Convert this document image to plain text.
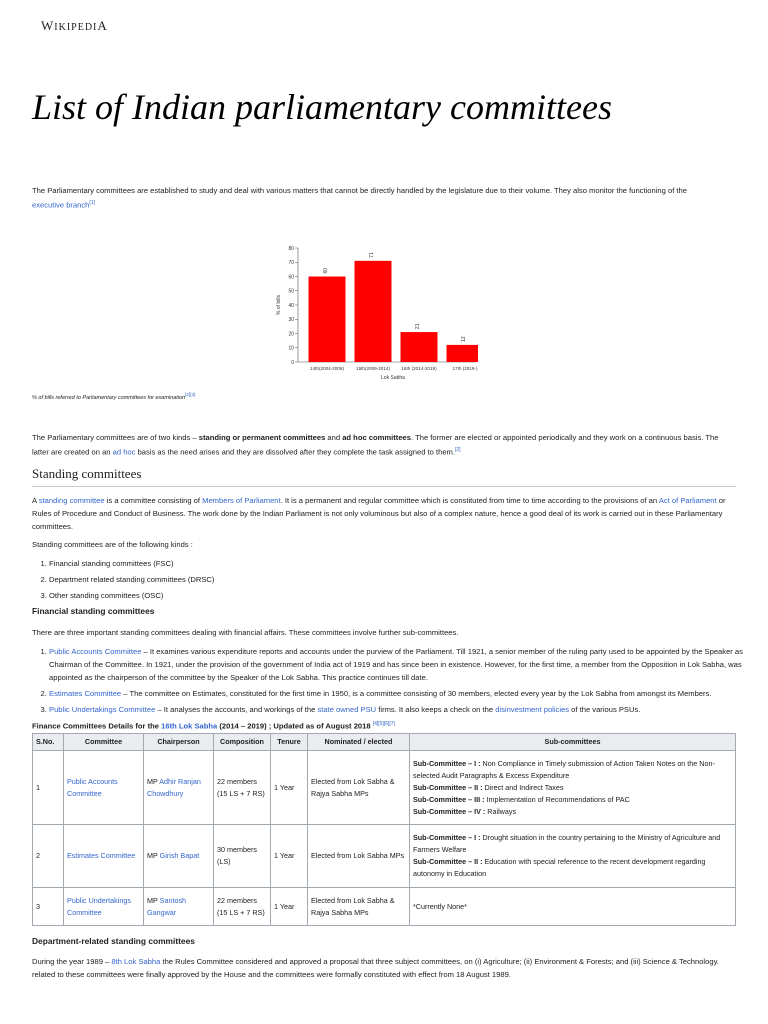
WIKIPEDIA
List of Indian parliamentary committees
The Parliamentary committees are established to study and deal with various matters that cannot be directly handled by the legislature due to their volume. They also monitor the functioning of the
executive branch[1]
0
10
20
30
40
50
60
70
80
60
14th(2004-2009)
71
15th(2009-2014)
21
16th (2014-2019)
12
17th (2019-)
Lok Sabha
% of bills
% of bills referred to Parliamentary committees for examination[2][3]
The Parliamentary committees are of two kinds – standing or permanent committees and ad hoc committees. The former are elected or appointed periodically and they work on a continuous basis. The latter are created on an ad hoc basis as the need arises and they are dissolved after they complete the task assigned to them.[2]
Standing committees
A standing committee is a committee consisting of Members of Parliament. It is a permanent and regular committee which is constituted from time to time according to the provisions of an Act of Parliament or Rules of Procedure and Conduct of Business. The work done by the Indian Parliament is not only voluminous but also of a complex nature, hence a good deal of its work is carried out in these Parliamentary committees.
Standing committees are of the following kinds :
1. Financial standing committees (FSC)
2. Department related standing committees (DRSC)
3. Other standing committees (OSC)
Financial standing committees
There are three important standing committees dealing with financial affairs. These committees involve further sub-committees.
1. Public Accounts Committee – It examines various expenditure reports and accounts under the purview of the Parliament. Till 1921, a senior member of the ruling party used to be appointed by the Speaker as Chairman of the Committee. In 1921, under the provision of the government of India act of 1919 and has since been in existence. However, for the first time, a member from the Opposition in Lok Sabha, was appointed as the chairperson of the committee by the Speaker of the Lok Sabha. This practice continues till date.
2. Estimates Committee – The committee on Estimates, constituted for the first time in 1950, is a committee consisting of 30 members, elected every year by the Lok Sabha from amongst its Members.
3. Public Undertakings Committee – It analyses the accounts, and workings of the state owned PSU firms. It also keeps a check on the disinvestment policies of the various PSUs.
Finance Committees Details for the 16th Lok Sabha (2014 – 2019) ; Updated as of August 2018 [4][5][6][7]
S.No.	Committee	Chairperson	Composition	Tenure	Nominated / elected	Sub-committees
1	Public Accounts Committee	MP Adhir Ranjan Chowdhury	22 members (15 LS + 7 RS)	1 Year	Elected from Lok Sabha & Rajya Sabha MPs	Sub-Committee – I : Non Compliance in Timely submission of Action Taken Notes on the Non-selected Audit Paragraphs & Excess Expenditure
Sub-Committee – II : Direct and Indirect Taxes
Sub-Committee – III : Implementation of Recommendations of PAC
Sub-Committee – IV : Railways

2	Estimates Committee	MP Girish Bapat	30 members (LS)	1 Year	Elected from Lok Sabha MPs	Sub-Committee – I : Drought situation in the country pertaining to the Ministry of Agriculture and Farmers Welfare
Sub-Committee – II : Education with special reference to the recent development regarding autonomy in Education

3	Public Undertakings Committee	MP Santosh Gangwar	22 members (15 LS + 7 RS)	1 Year	Elected from Lok Sabha & Rajya Sabha MPs	*Currently None*
Department-related standing committees
During the year 1989 – 8th Lok Sabha the Rules Committee considered and approved a proposal that three subject committees, on (i) Agriculture; (ii) Environment & Forests; and (iii) Science & Technology. related to these committees were finally approved by the House and the committees were formally constituted with effect from 18 August 1989.
